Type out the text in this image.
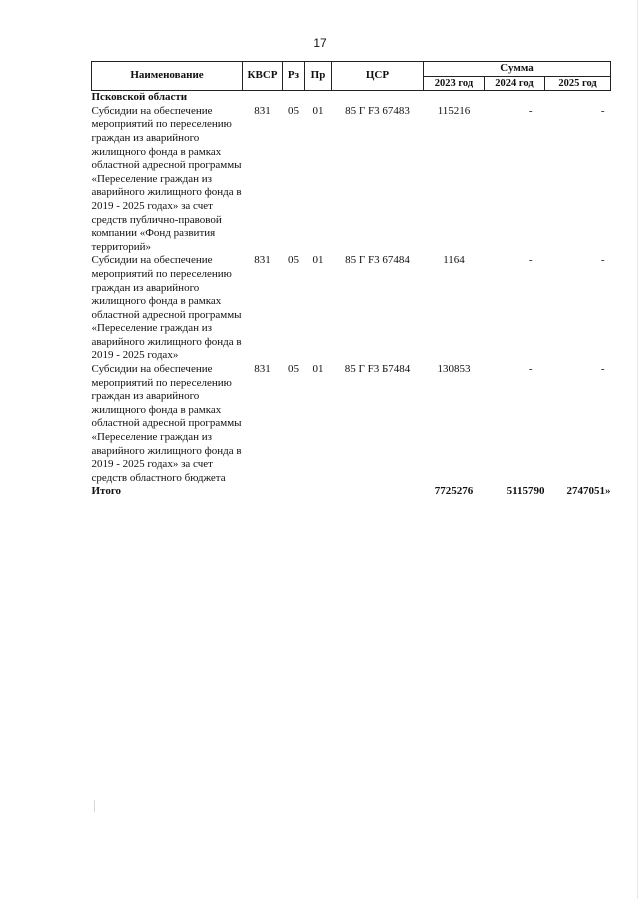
17
Наименование	КВСР	Рз	Пр	ЦСР	Сумма		
					2023 год	2024 год	2025 год
Псковской области							
Субсидии на обеспечение мероприятий по переселению граждан из аварийного жилищного фонда в рамках областной адресной программы «Переселение граждан из аварийного жилищного фонда в 2019 - 2025 годах» за счет средств публично-правовой компании «Фонд развития территорий»	831	05	01	85 Г F3 67483	115216	-	-
Субсидии на обеспечение мероприятий по переселению граждан из аварийного жилищного фонда в рамках областной адресной программы «Переселение граждан из аварийного жилищного фонда в 2019 - 2025 годах»	831	05	01	85 Г F3 67484	1164	-	-
Субсидии на обеспечение мероприятий по переселению граждан из аварийного жилищного фонда в рамках областной адресной программы «Переселение граждан из аварийного жилищного фонда в 2019 - 2025 годах» за счет средств областного бюджета	831	05	01	85 Г F3 Б7484	130853	-	-
Итого					7725276	5115790	2747051»
